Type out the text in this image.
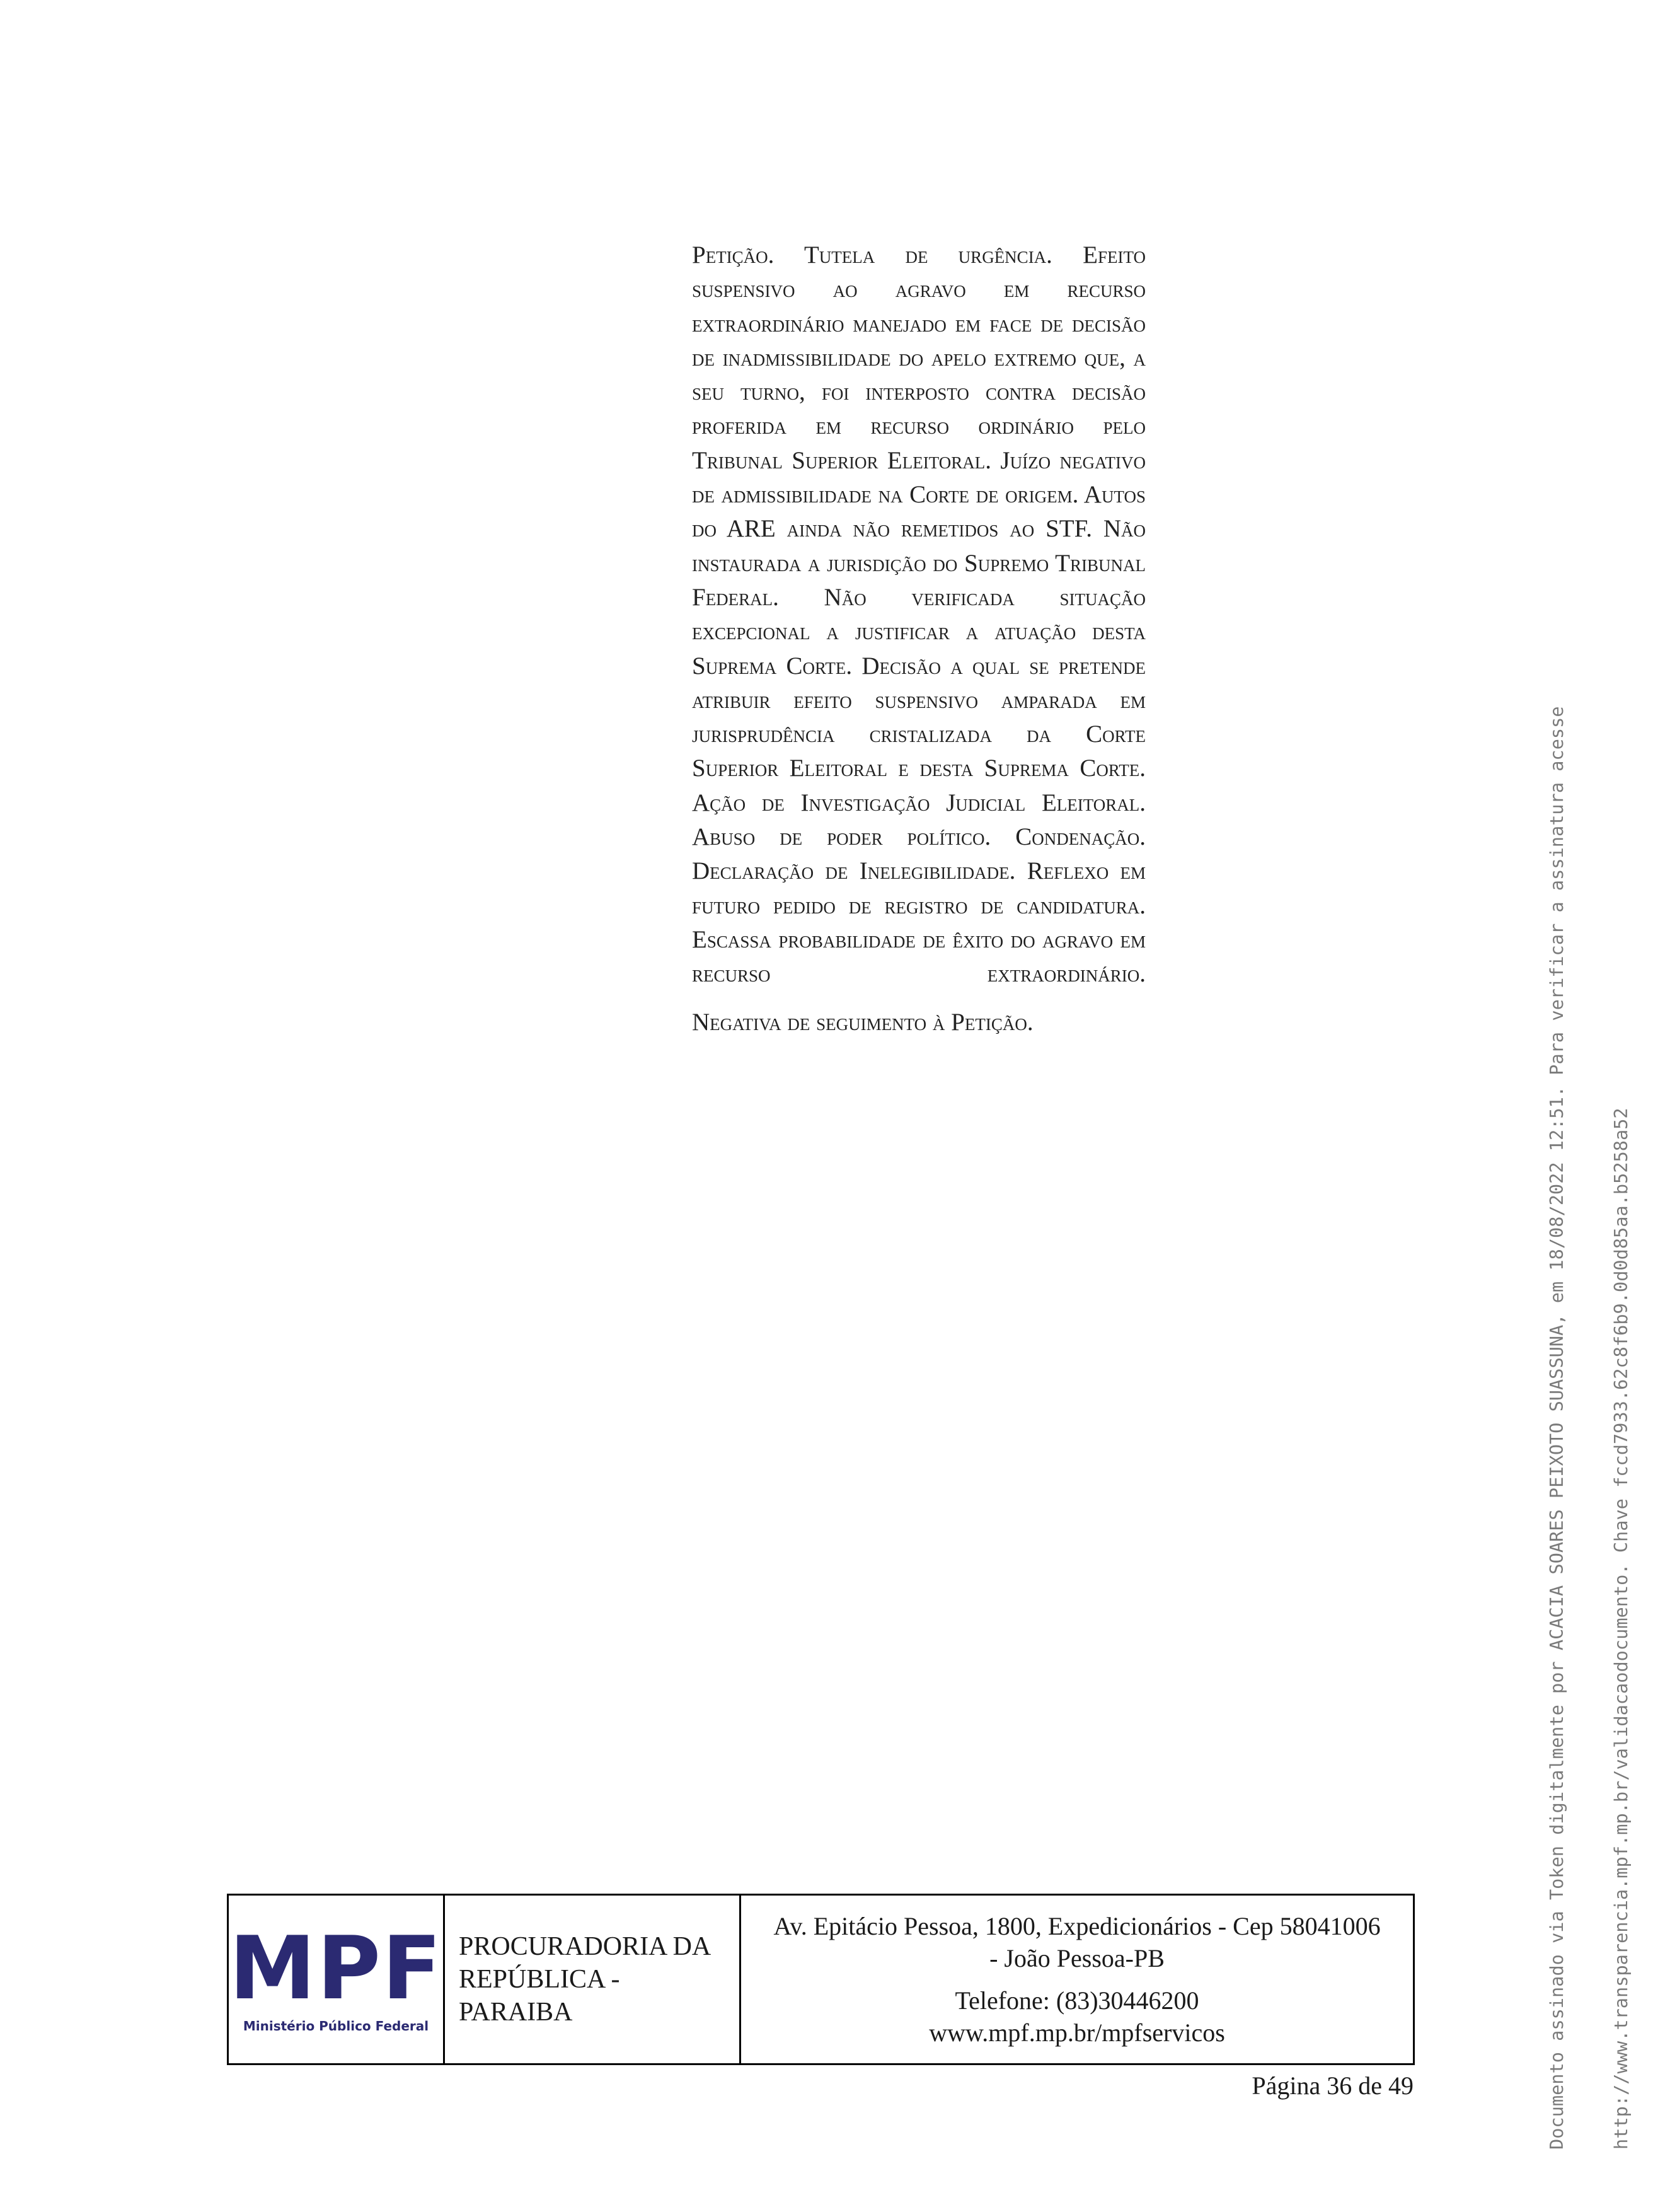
Petição. Tutela de urgência. Efeito suspensivo ao agravo em recurso extraordinário manejado em face de decisão de inadmissibilidade do apelo extremo que, a seu turno, foi interposto contra decisão proferida em recurso ordinário pelo Tribunal Superior Eleitoral. Juízo negativo de admissibilidade na Corte de origem. Autos do ARE ainda não remetidos ao STF. Não instaurada a jurisdição do Supremo Tribunal Federal. Não verificada situação excepcional a justificar a atuação desta Suprema Corte. Decisão a qual se pretende atribuir efeito suspensivo amparada em jurisprudência cristalizada da Corte Superior Eleitoral e desta Suprema Corte. Ação de Investigação Judicial Eleitoral. Abuso de poder político. Condenação. Declaração de Inelegibilidade. Reflexo em futuro pedido de registro de candidatura. Escassa probabilidade de êxito do agravo em recurso extraordinário.

Negativa de seguimento à Petição.

MPF
Ministério Público Federal
PROCURADORIA DA REPÚBLICA - PARAIBA
Av. Epitácio Pessoa, 1800, Expedicionários - Cep 58041006
- João Pessoa-PB
Telefone: (83)30446200
www.mpf.mp.br/mpfservicos
Página 36 de 49

	Documento assinado via Token digitalmente por ACACIA SOARES PEIXOTO SUASSUNA, em 18/08/2022 12:51. Para verificar a assinatura acesse

http://www.transparencia.mpf.mp.br/validacaodocumento. Chave fccd7933.62c8f6b9.0d0d85aa.b5258a52
